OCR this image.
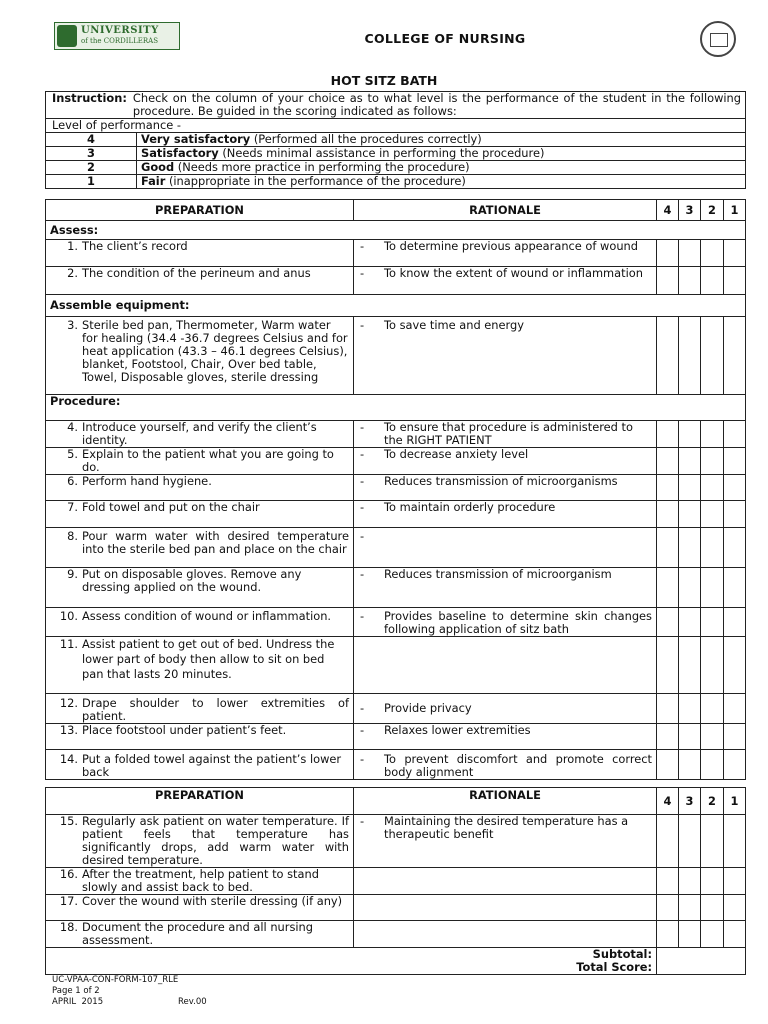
UNIVERSITY
of the CORDILLERAS	COLLEGE OF NURSING
HOT SITZ BATH
Instruction: Check on the column of your choice as to what level is the performance of the student in the following procedure. Be guided in the scoring indicated as follows:	

Level of performance -	
4	Very satisfactory (Performed all the procedures correctly)
3	Satisfactory (Needs minimal assistance in performing the procedure)
2	Good (Needs more practice in performing the procedure)
1	Fair (inappropriate in the performance of the procedure)
PREPARATION	RATIONALE	4	3	2	1
Assess:					

1. The client’s record	- To determine previous appearance of wound				

2. The condition of the perineum and anus	- To know the extent of wound or inflammation				

Assemble equipment:					

3. Sterile bed pan, Thermometer, Warm water for healing (34.4 -36.7 degrees Celsius and for heat application (43.3 – 46.1 degrees Celsius), blanket, Footstool, Chair, Over bed table, Towel, Disposable gloves, sterile dressing	- To save time and energy				

Procedure:					

4. Introduce yourself, and verify the client’s identity.	- To ensure that procedure is administered to the RIGHT PATIENT				

5. Explain to the patient what you are going to do.	- To decrease anxiety level				

6. Perform hand hygiene.	- Reduces transmission of microorganisms				

7. Fold towel and put on the chair	- To maintain orderly procedure				

8. Pour warm water with desired temperature into the sterile bed pan and place on the chair	-				

9. Put on disposable gloves. Remove any dressing applied on the wound.	- Reduces transmission of microorganism				

10. Assess condition of wound or inflammation.	- Provides baseline to determine skin changes following application of sitz bath				

11. Assist patient to get out of bed. Undress the lower part of body then allow to sit on bed pan that lasts 20 minutes.					

12. Drape shoulder to lower extremities of patient.	- Provide privacy				

13. Place footstool under patient’s feet.	- Relaxes lower extremities				

14. Put a folded towel against the patient’s lower back	- To prevent discomfort and promote correct body alignment				

PREPARATION	RATIONALE	4	3	2	1

15. Regularly ask patient on water temperature. If patient feels that temperature has significantly drops, add warm water with desired temperature.	- Maintaining the desired temperature has a therapeutic benefit				

16. After the treatment, help patient to stand slowly and assist back to bed.					

17. Cover the wound with sterile dressing (if any)					

18. Document the procedure and all nursing assessment.					

	Subtotal:
Total Score:				

UC-VPAA-CON-FORM-107_RLE
Page 1 of 2
APRIL  2015	Rev.00
